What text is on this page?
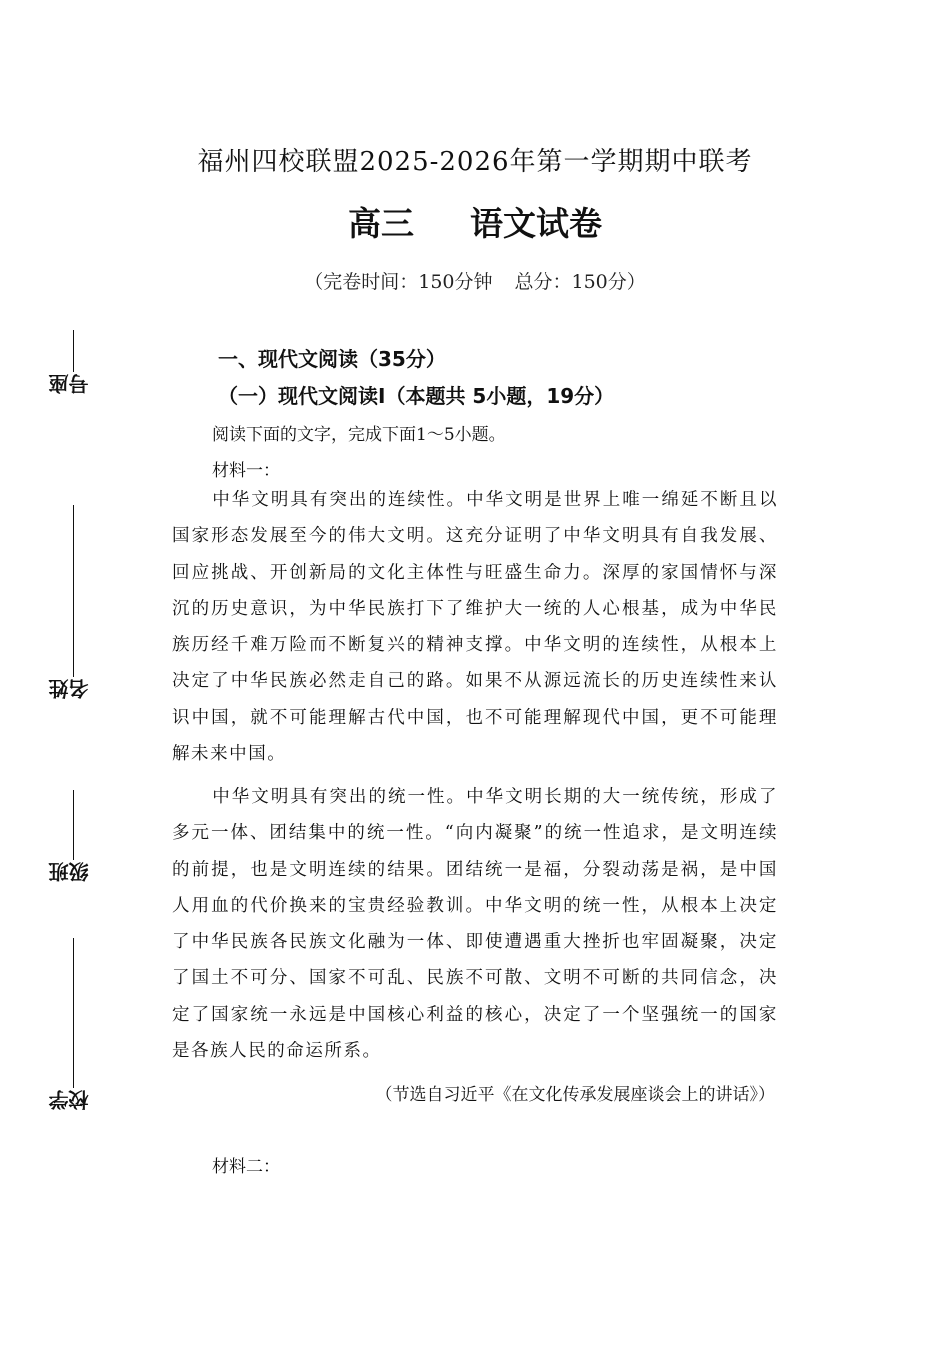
座号
姓名
班级
学校
福州四校联盟2025-2026年第一学期期中联考
高三 语文试卷
（完卷时间：150分钟 总分：150分）
一、现代文阅读（35分）
（一）现代文阅读Ⅰ（本题共 5小题，19分）
阅读下面的文字，完成下面1～5小题。
材料一：

中华文明具有突出的连续性。中华文明是世界上唯一绵延不断且以国家形态发展至今的伟大文明。这充分证明了中华文明具有自我发展、回应挑战、开创新局的文化主体性与旺盛生命力。深厚的家国情怀与深沉的历史意识，为中华民族打下了维护大一统的人心根基，成为中华民族历经千难万险而不断复兴的精神支撑。中华文明的连续性，从根本上决定了中华民族必然走自己的路。如果不从源远流长的历史连续性来认识中国，就不可能理解古代中国，也不可能理解现代中国，更不可能理解未来中国。

中华文明具有突出的统一性。中华文明长期的大一统传统，形成了多元一体、团结集中的统一性。“向内凝聚”的统一性追求，是文明连续的前提，也是文明连续的结果。团结统一是福，分裂动荡是祸，是中国人用血的代价换来的宝贵经验教训。中华文明的统一性，从根本上决定了中华民族各民族文化融为一体、即使遭遇重大挫折也牢固凝聚，决定了国土不可分、国家不可乱、民族不可散、文明不可断的共同信念，决定了国家统一永远是中国核心利益的核心，决定了一个坚强统一的国家是各族人民的命运所系。

（节选自习近平《在文化传承发展座谈会上的讲话》）
材料二：
